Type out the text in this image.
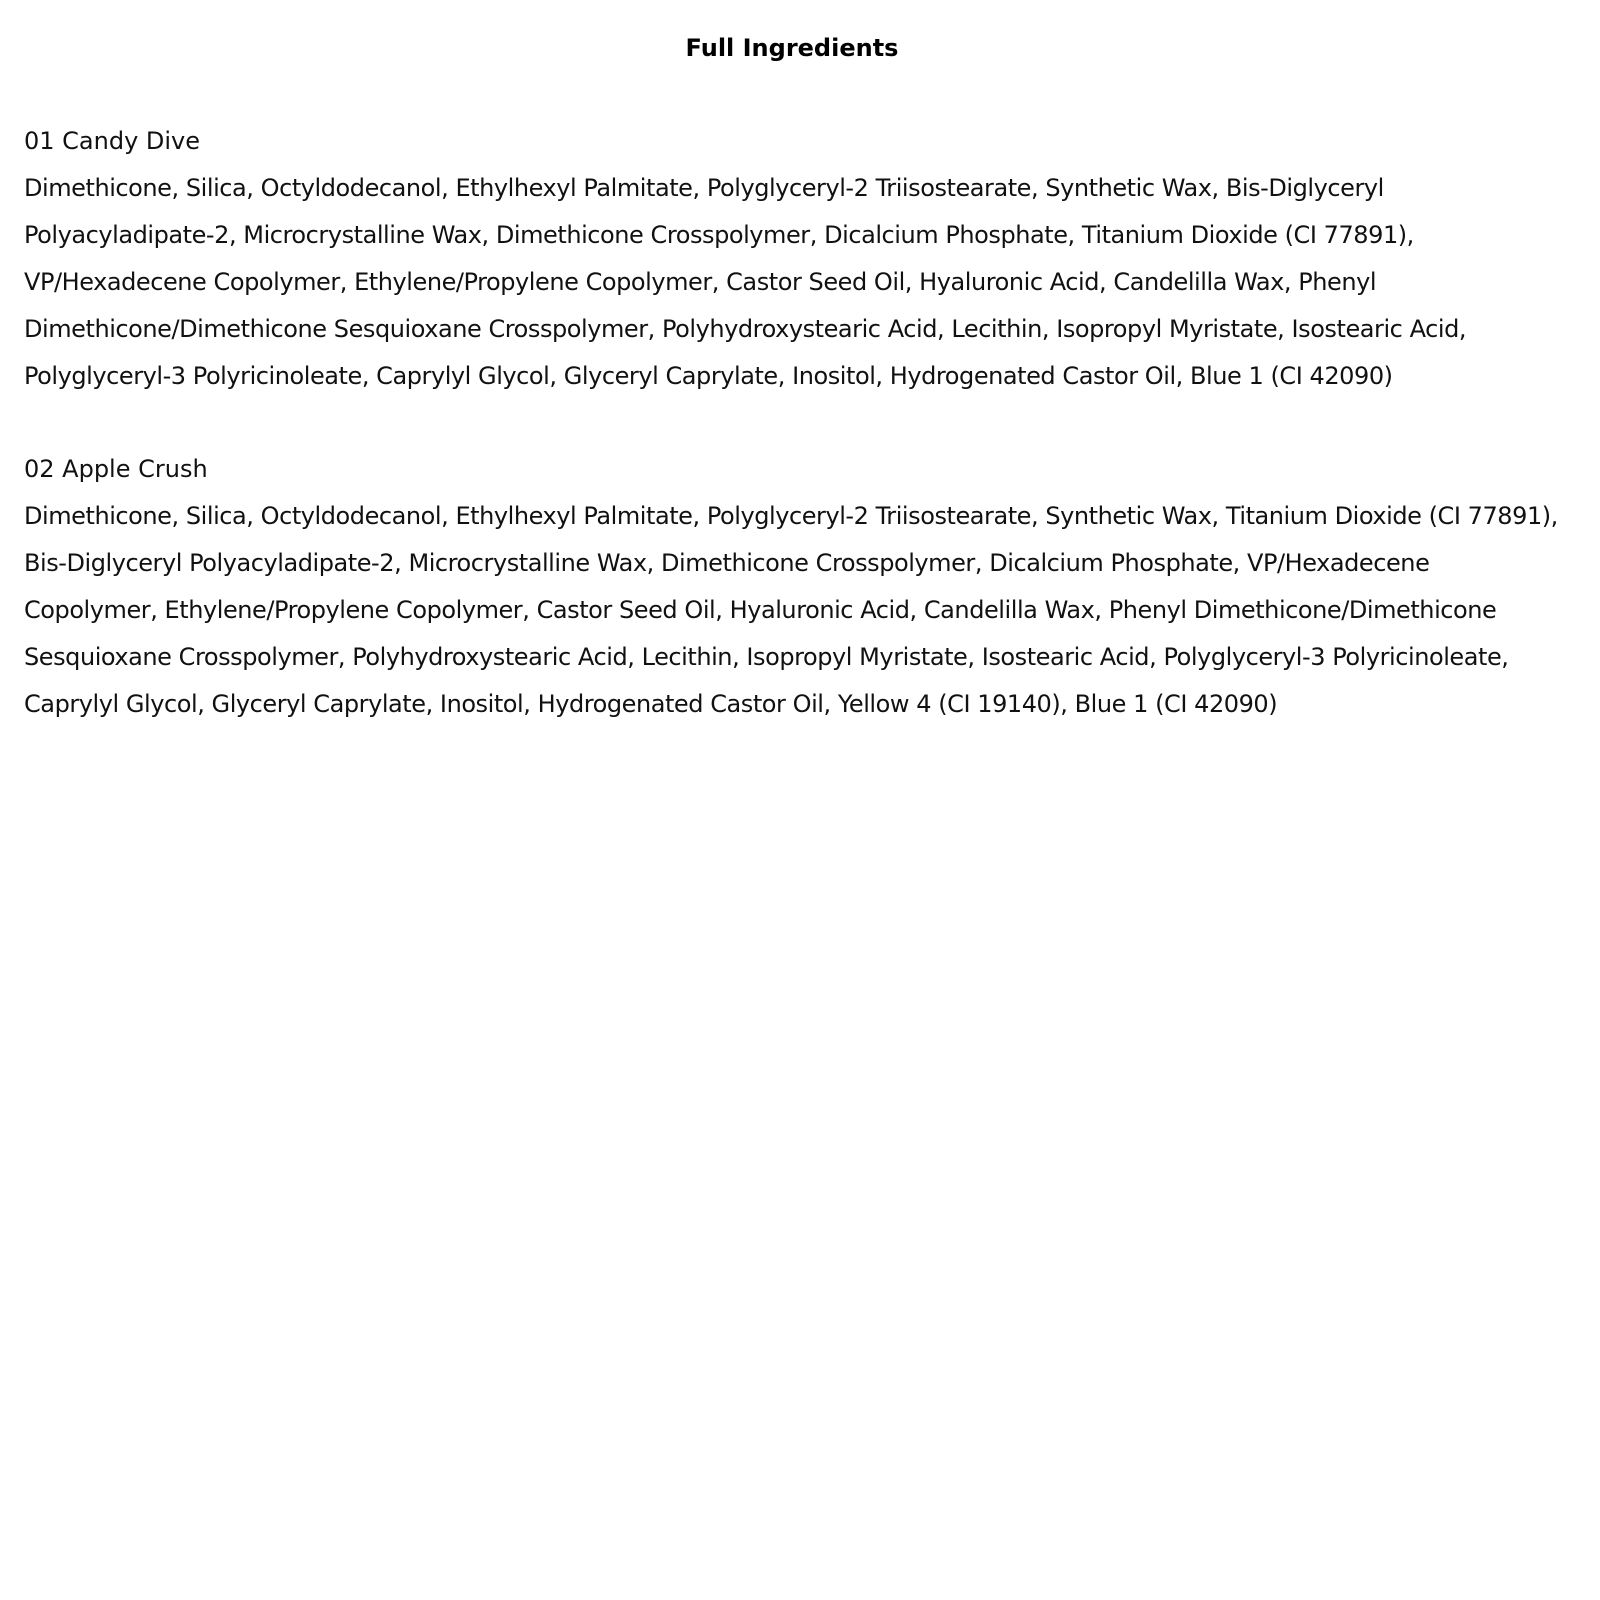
Full Ingredients

01 Candy Dive

Dimethicone, Silica, Octyldodecanol, Ethylhexyl Palmitate, Polyglyceryl-2 Triisostearate, Synthetic Wax, Bis-Diglyceryl Polyacyladipate-2, Microcrystalline Wax, Dimethicone Crosspolymer, Dicalcium Phosphate, Titanium Dioxide (CI 77891), VP/Hexadecene Copolymer, Ethylene/Propylene Copolymer, Castor Seed Oil, Hyaluronic Acid, Candelilla Wax, Phenyl Dimethicone/Dimethicone Sesquioxane Crosspolymer, Polyhydroxystearic Acid, Lecithin, Isopropyl Myristate, Isostearic Acid, Polyglyceryl-3 Polyricinoleate, Caprylyl Glycol, Glyceryl Caprylate, Inositol, Hydrogenated Castor Oil, Blue 1 (CI 42090)

02 Apple Crush

Dimethicone, Silica, Octyldodecanol, Ethylhexyl Palmitate, Polyglyceryl-2 Triisostearate, Synthetic Wax, Titanium Dioxide (CI 77891), Bis-Diglyceryl Polyacyladipate-2, Microcrystalline Wax, Dimethicone Crosspolymer, Dicalcium Phosphate, VP/Hexadecene Copolymer, Ethylene/Propylene Copolymer, Castor Seed Oil, Hyaluronic Acid, Candelilla Wax, Phenyl Dimethicone/Dimethicone Sesquioxane Crosspolymer, Polyhydroxystearic Acid, Lecithin, Isopropyl Myristate, Isostearic Acid, Polyglyceryl-3 Polyricinoleate, Caprylyl Glycol, Glyceryl Caprylate, Inositol, Hydrogenated Castor Oil, Yellow 4 (CI 19140), Blue 1 (CI 42090)
